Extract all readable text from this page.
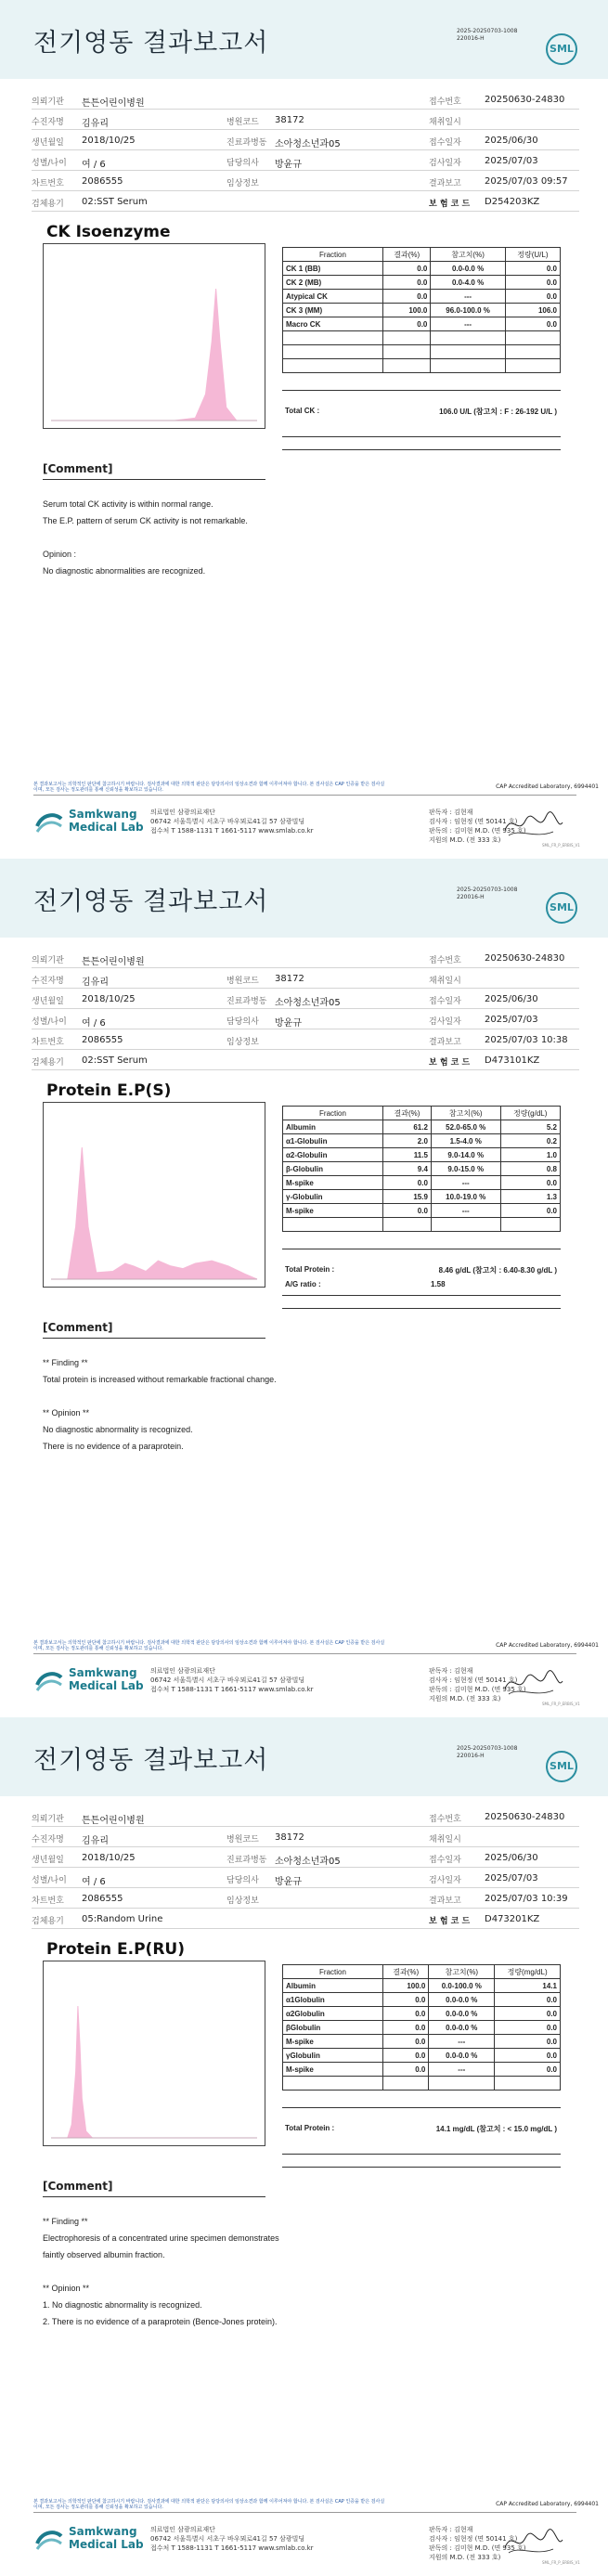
전기영동 결과보고서	2025-20250703-1008
220016-H
SML
의뢰기관 튼튼어린이병원	접수번호	20250630-24830
수진자명 김유리	병원코드 38172	채취일시
생년월일 2018/10/25	진료과병동 소아청소년과05	접수일자	2025/06/30
성별/나이 여 / 6	담당의사 방윤규	검사일자	2025/07/03
차트번호 2086555	임상정보	결과보고	2025/07/03 09:57
검체용기 02:SST Serum	보 험 코 드 D254203KZ
CK Isoenzyme
Fraction	결과(%)	참고치(%)	정량(U/L)
CK 1 (BB)	0.0	0.0-0.0 %	0.0
CK 2 (MB)	0.0	0.0-4.0 %	0.0
Atypical CK	0.0	---	0.0
CK 3 (MM)	100.0	96.0-100.0 %	106.0
Macro CK	0.0	---	0.0

Total CK :	106.0 U/L (참고치 : F : 26-192 U/L )
[Comment]
Serum total CK activity is within normal range.
The E.P. pattern of serum CK activity is not remarkable.
Opinion :
No diagnostic abnormalities are recognized.
본 결과보고서는 의학적인 판단에 참고하시기 바랍니다. 검사결과에 대한 의학적 판단은 담당의사의 임상소견과 함께 이루어져야 합니다. 본 검사실은 CAP 인증을 받은 검사실이며, 모든 검사는 정도관리를 통해 신뢰성을 확보하고 있습니다.	CAP Accredited Laboratory, 6994401
Samkwang
Medical Lab
의료법인 삼광의료재단
06742 서울특별시 서초구 바우뫼로41길 57 삼광빌딩
접수처 T 1588-1131 T 1661-5117 www.smlab.co.kr
판독자 : 김현재
검사자 : 임현정 (면 50141 호)
판독의 : 김미현 M.D. (면 935 호)
지원의 M.D. (전 333 호)
SML_FR_P_ERBIS_V1
전기영동 결과보고서	2025-20250703-1008
220016-H
SML
의뢰기관 튼튼어린이병원	접수번호	20250630-24830
수진자명 김유리	병원코드 38172	채취일시
생년월일 2018/10/25	진료과병동 소아청소년과05	접수일자	2025/06/30
성별/나이 여 / 6	담당의사 방윤규	검사일자	2025/07/03
차트번호 2086555	임상정보	결과보고	2025/07/03 10:38
검체용기 02:SST Serum	보 험 코 드 D473101KZ
Protein E.P(S)
Fraction	결과(%)	참고치(%)	정량(g/dL)
Albumin	61.2	52.0-65.0 %	5.2
α1-Globulin	2.0	1.5-4.0 %	0.2
α2-Globulin	11.5	9.0-14.0 %	1.0
β-Globulin	9.4	9.0-15.0 %	0.8
M-spike	0.0	---	0.0
γ-Globulin	15.9	10.0-19.0 %	1.3
M-spike	0.0	---	0.0

Total Protein :	8.46 g/dL (참고치 : 6.40-8.30 g/dL )
A/G ratio :	1.58
[Comment]
** Finding **
Total protein is increased without remarkable fractional change.
** Opinion **
No diagnostic abnormality is recognized.
There is no evidence of a paraprotein.
본 결과보고서는 의학적인 판단에 참고하시기 바랍니다. 검사결과에 대한 의학적 판단은 담당의사의 임상소견과 함께 이루어져야 합니다. 본 검사실은 CAP 인증을 받은 검사실이며, 모든 검사는 정도관리를 통해 신뢰성을 확보하고 있습니다.	CAP Accredited Laboratory, 6994401
Samkwang
Medical Lab
의료법인 삼광의료재단
06742 서울특별시 서초구 바우뫼로41길 57 삼광빌딩
접수처 T 1588-1131 T 1661-5117 www.smlab.co.kr
판독자 : 김현재
검사자 : 임현정 (면 50141 호)
판독의 : 김미현 M.D. (면 935 호)
지원의 M.D. (전 333 호)
SML_FR_P_ERBIS_V1
전기영동 결과보고서	2025-20250703-1008
220016-H
SML
의뢰기관 튼튼어린이병원	접수번호	20250630-24830
수진자명 김유리	병원코드 38172	채취일시
생년월일 2018/10/25	진료과병동 소아청소년과05	접수일자	2025/06/30
성별/나이 여 / 6	담당의사 방윤규	검사일자	2025/07/03
차트번호 2086555	임상정보	결과보고	2025/07/03 10:39
검체용기 05:Random Urine	보 험 코 드 D473201KZ
Protein E.P(RU)
Fraction	결과(%)	참고치(%)	정량(mg/dL)
Albumin	100.0	0.0-100.0 %	14.1
α1Globulin	0.0	0.0-0.0 %	0.0
α2Globulin	0.0	0.0-0.0 %	0.0
βGlobulin	0.0	0.0-0.0 %	0.0
M-spike	0.0	---	0.0
γGlobulin	0.0	0.0-0.0 %	0.0
M-spike	0.0	---	0.0

Total Protein :	14.1 mg/dL (참고치 : < 15.0 mg/dL )
[Comment]
** Finding **
Electrophoresis of a concentrated urine specimen demonstrates
faintly observed albumin fraction.
** Opinion **
1. No diagnostic abnormality is recognized.
2. There is no evidence of a paraprotein (Bence-Jones protein).
본 결과보고서는 의학적인 판단에 참고하시기 바랍니다. 검사결과에 대한 의학적 판단은 담당의사의 임상소견과 함께 이루어져야 합니다. 본 검사실은 CAP 인증을 받은 검사실이며, 모든 검사는 정도관리를 통해 신뢰성을 확보하고 있습니다.	CAP Accredited Laboratory, 6994401
Samkwang
Medical Lab
의료법인 삼광의료재단
06742 서울특별시 서초구 바우뫼로41길 57 삼광빌딩
접수처 T 1588-1131 T 1661-5117 www.smlab.co.kr
판독자 : 김현재
검사자 : 임현정 (면 50141 호)
판독의 : 김미현 M.D. (면 935 호)
지원의 M.D. (전 333 호)
SML_FR_P_ERBIS_V1
